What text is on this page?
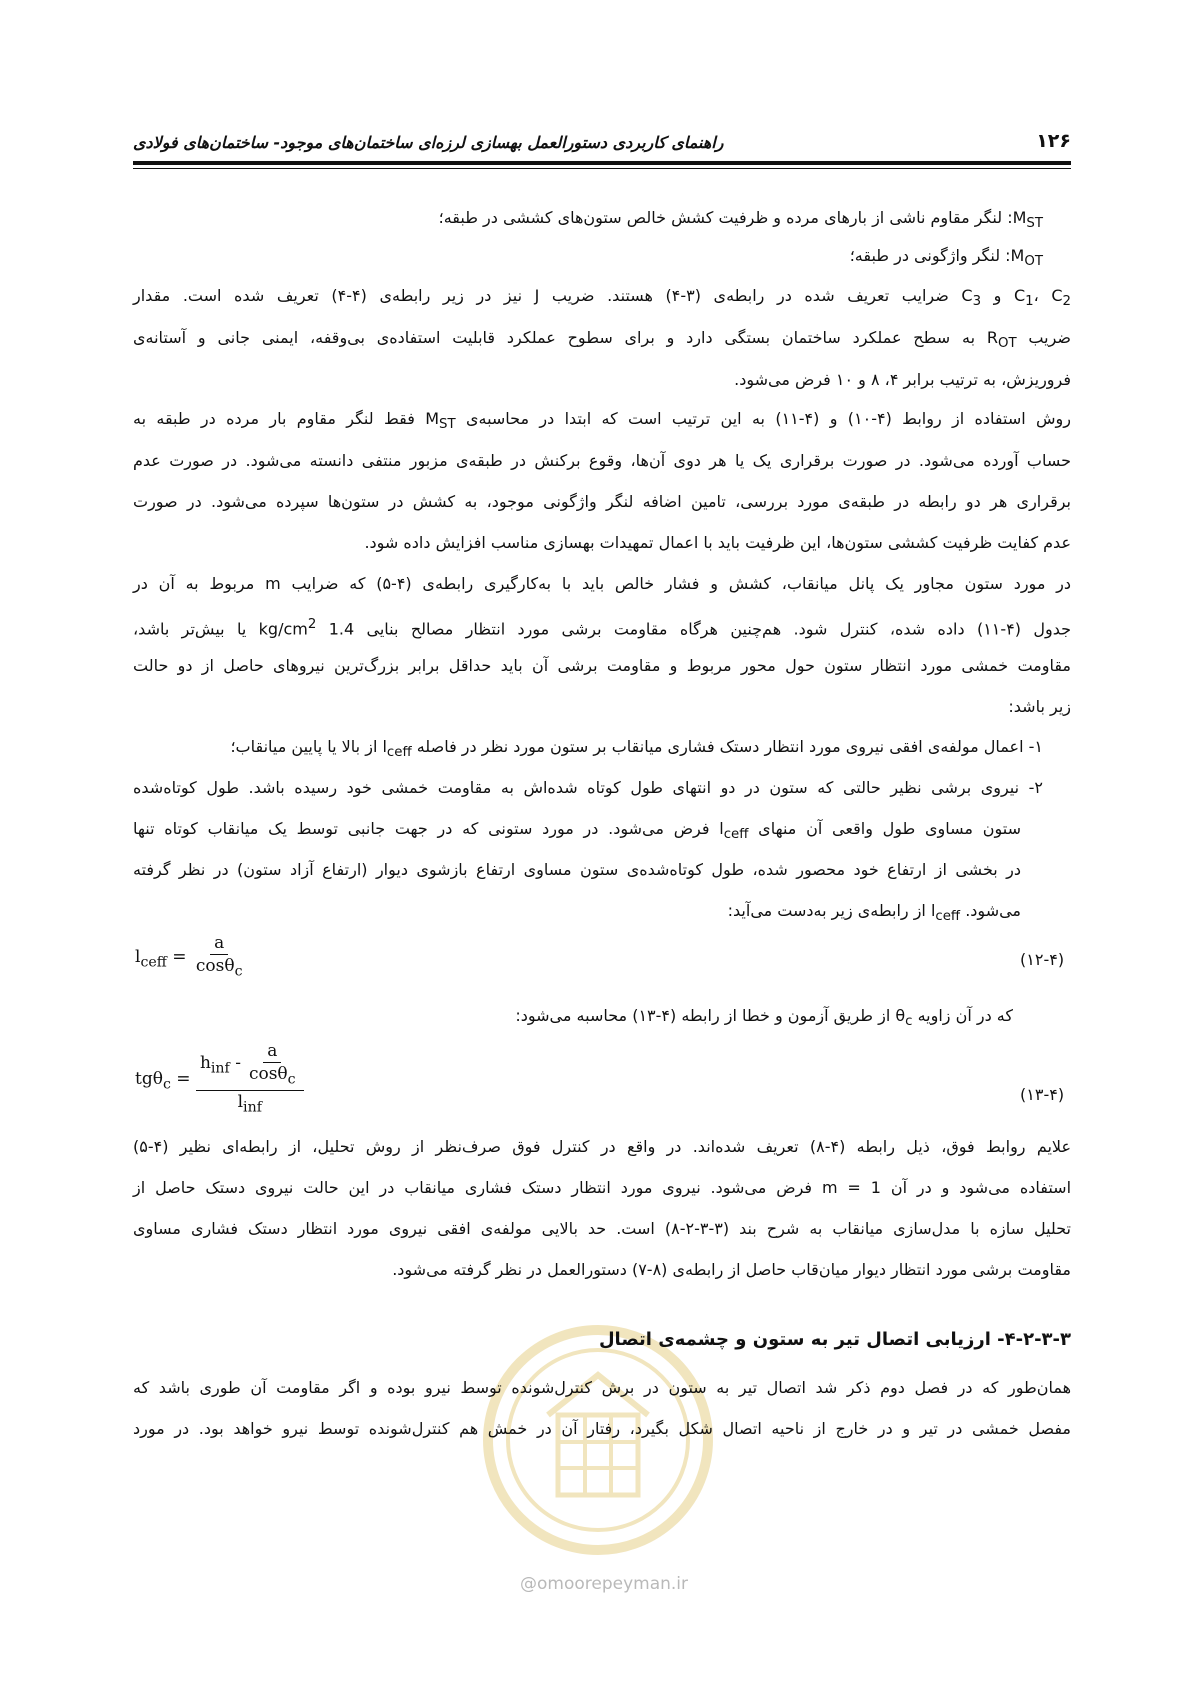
۱۲۶
راهنمای کاربردی دستورالعمل بهسازی لرزه‌ای ساختمان‌های موجود- ساختمان‌های فولادی
$M_{ST}$: لنگر مقاوم ناشی از بارهای مرده و ظرفیت کشش خالص ستون‌های کششی در طبقه؛
$M_{OT}$: لنگر واژگونی در طبقه؛
$C_1،$ $C_2$ و $C_3$ ضرایب تعریف شده در رابطه‌ی (۳-۴) هستند. ضریب J نیز در زیر رابطه‌ی (۴-۴) تعریف شده است. مقدار
ضریب $R_{OT}$ به سطح عملکرد ساختمان بستگی دارد و برای سطوح عملکرد قابلیت استفاده‌ی بی‌وقفه، ایمنی جانی و آستانه‌ی
فروریزش، به ترتیب برابر ۴، ۸ و ۱۰ فرض می‌شود.
روش استفاده از روابط (۴-۱۰) و (۴-۱۱) به این ترتیب است که ابتدا در محاسبه‌ی $M_{ST}$ فقط لنگر مقاوم بار مرده در طبقه به
حساب آورده می‌شود. در صورت برقراری یک یا هر دوی آن‌ها، وقوع برکنش در طبقه‌ی مزبور منتفی دانسته می‌شود. در صورت عدم
برقراری هر دو رابطه در طبقه‌ی مورد بررسی، تامین اضافه لنگر واژگونی موجود، به کشش در ستون‌ها سپرده می‌شود. در صورت
عدم کفایت ظرفیت کششی ستون‌ها، این ظرفیت باید با اعمال تمهیدات بهسازی مناسب افزایش داده شود.
در مورد ستون مجاور یک پانل میانقاب، کشش و فشار خالص باید با به‌کارگیری رابطه‌ی (۴-۵) که ضرایب m مربوط به آن در
جدول (۴-۱۱) داده شده، کنترل شود. هم‌چنین هرگاه مقاومت برشی مورد انتظار مصالح بنایی 1.4 $kg/cm^2$ یا بیش‌تر باشد،
مقاومت خمشی مورد انتظار ستون حول محور مربوط و مقاومت برشی آن باید حداقل برابر بزرگ‌ترین نیروهای حاصل از دو حالت
زیر باشد:
۱- اعمال مولفه‌ی افقی نیروی مورد انتظار دستک فشاری میانقاب بر ستون مورد نظر در فاصله $l_{ceff}$ از بالا یا پایین میانقاب؛
۲- نیروی برشی نظیر حالتی که ستون در دو انتهای طول کوتاه شده‌اش به مقاومت خمشی خود رسیده باشد. طول کوتاه‌شده
ستون مساوی طول واقعی آن منهای $l_{ceff}$ فرض می‌شود. در مورد ستونی که در جهت جانبی توسط یک میانقاب کوتاه تنها
در بخشی از ارتفاع خود محصور شده، طول کوتاه‌شده‌ی ستون مساوی ارتفاع بازشوی دیوار (ارتفاع آزاد ستون) در نظر گرفته
می‌شود. $l_{ceff}$ از رابطه‌ی زیر به‌دست می‌آید:
$l_{ceff} = \frac{a}{\cos\theta_c}$	(۱۲-۴)
که در آن زاویه $\theta_c$ از طریق آزمون و خطا از رابطه (۴-۱۳) محاسبه می‌شود:
$tg\theta_c = \frac{h_{inf} - \frac{a}{\cos\theta_c}}{l_{inf}}$	(۱۳-۴)
علایم روابط فوق، ذیل رابطه (۴-۸) تعریف شده‌اند. در واقع در کنترل فوق صرف‌نظر از روش تحلیل، از رابطه‌ای نظیر (۴-۵)
استفاده می‌شود و در آن m = 1 فرض می‌شود. نیروی مورد انتظار دستک فشاری میانقاب در این حالت نیروی دستک حاصل از
تحلیل سازه با مدل‌سازی میانقاب به شرح بند (۳-۳-۲-۸) است. حد بالایی مولفه‌ی افقی نیروی مورد انتظار دستک فشاری مساوی
مقاومت برشی مورد انتظار دیوار میان‌قاب حاصل از رابطه‌ی (۸-۷) دستورالعمل در نظر گرفته می‌شود.
۴-۲-۳-۳- ارزیابی اتصال تیر به ستون و چشمه‌ی اتصال
همان‌طور که در فصل دوم ذکر شد اتصال تیر به ستون در برش کنترل‌شونده توسط نیرو بوده و اگر مقاومت آن طوری باشد که
مفصل خمشی در تیر و در خارج از ناحیه اتصال شکل بگیرد، رفتار آن در خمش هم کنترل‌شونده توسط نیرو خواهد بود. در مورد
@omoorepeyman.ir
